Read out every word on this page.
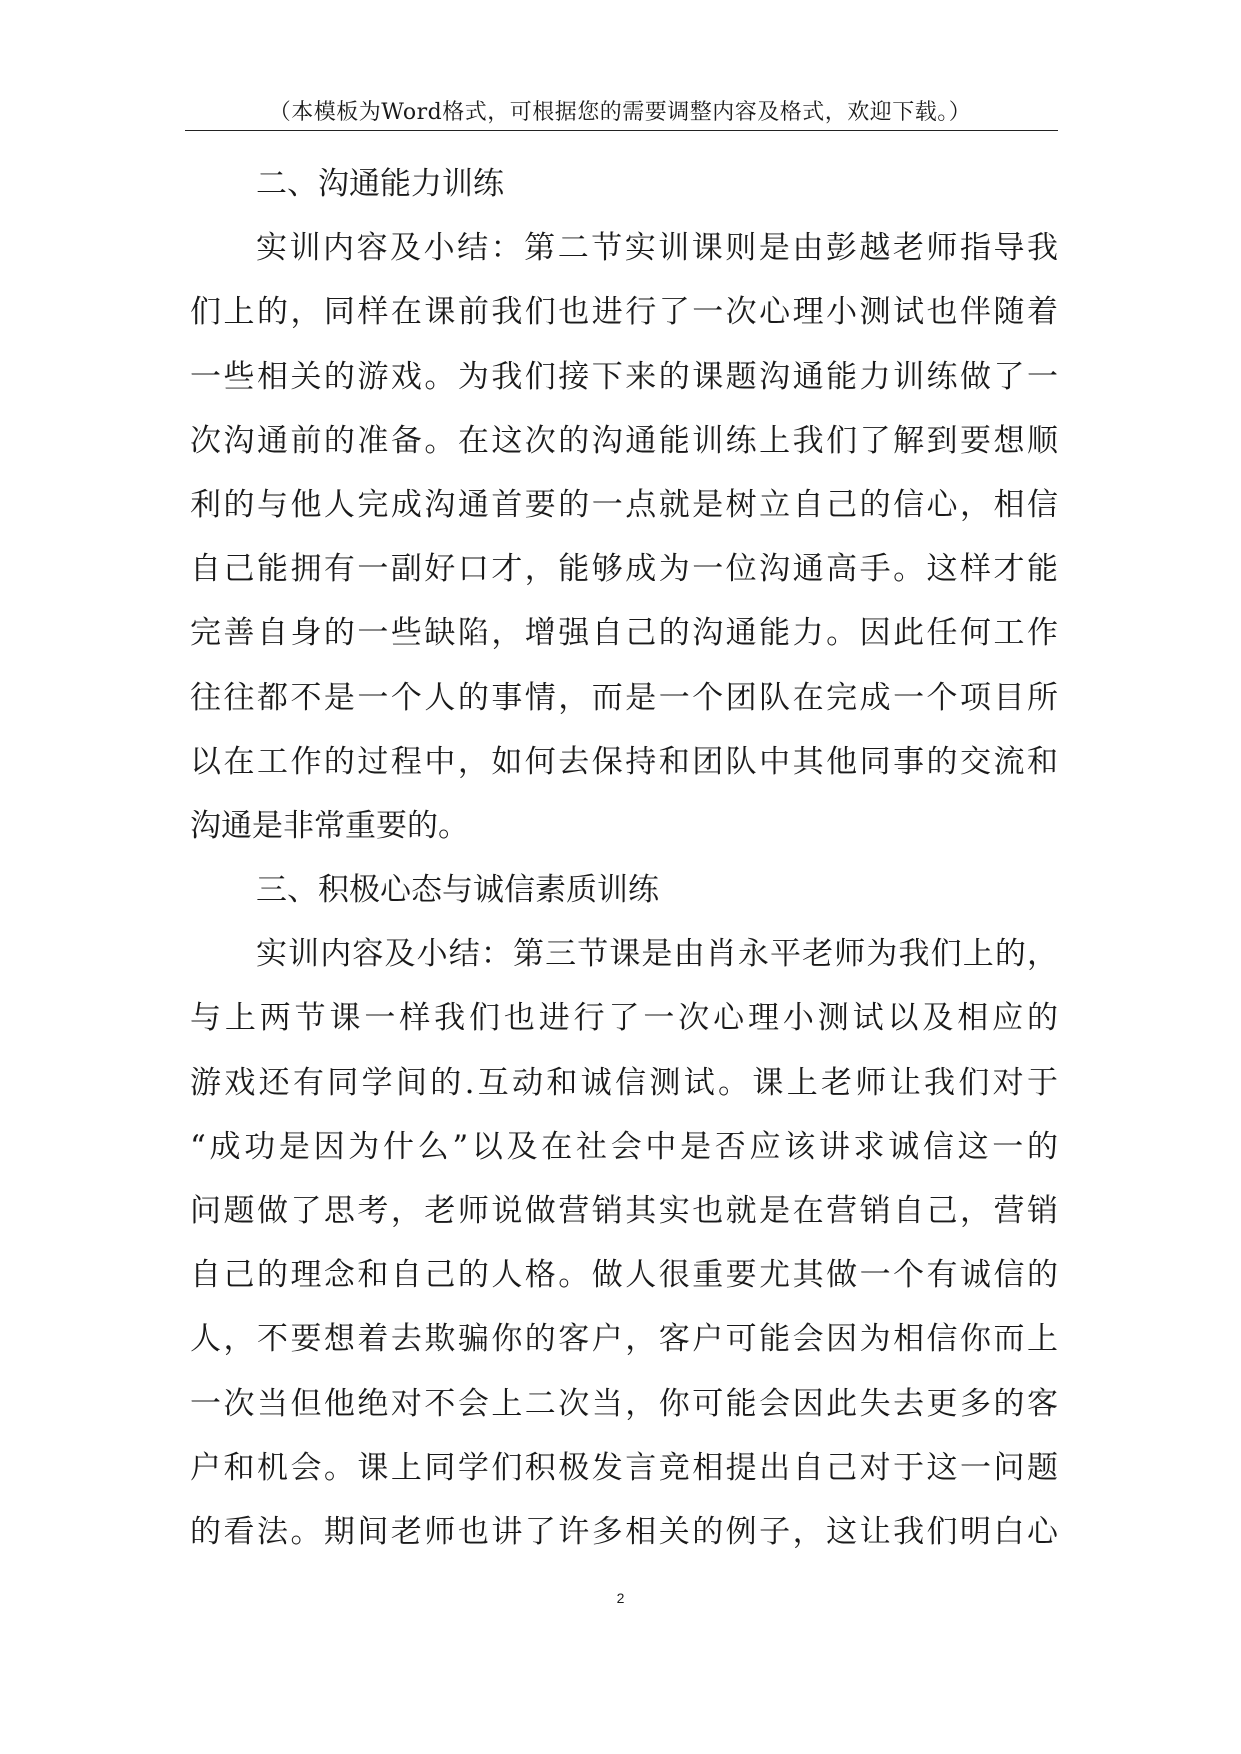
（本模板为Word格式，可根据您的需要调整内容及格式，欢迎下载。）
二、沟通能力训练
实训内容及小结：第二节实训课则是由彭越老师指导我
们上的，同样在课前我们也进行了一次心理小测试也伴随着
一些相关的游戏。为我们接下来的课题沟通能力训练做了一
次沟通前的准备。在这次的沟通能训练上我们了解到要想顺
利的与他人完成沟通首要的一点就是树立自己的信心，相信
自己能拥有一副好口才，能够成为一位沟通高手。这样才能
完善自身的一些缺陷，增强自己的沟通能力。因此任何工作
往往都不是一个人的事情，而是一个团队在完成一个项目所
以在工作的过程中，如何去保持和团队中其他同事的交流和
沟通是非常重要的。
三、积极心态与诚信素质训练
实训内容及小结：第三节课是由肖永平老师为我们上的，
与上两节课一样我们也进行了一次心理小测试以及相应的
游戏还有同学间的.互动和诚信测试。课上老师让我们对于
“成功是因为什么”以及在社会中是否应该讲求诚信这一的
问题做了思考，老师说做营销其实也就是在营销自己，营销
自己的理念和自己的人格。做人很重要尤其做一个有诚信的
人，不要想着去欺骗你的客户，客户可能会因为相信你而上
一次当但他绝对不会上二次当，你可能会因此失去更多的客
户和机会。课上同学们积极发言竞相提出自己对于这一问题
的看法。期间老师也讲了许多相关的例子，这让我们明白心
2
